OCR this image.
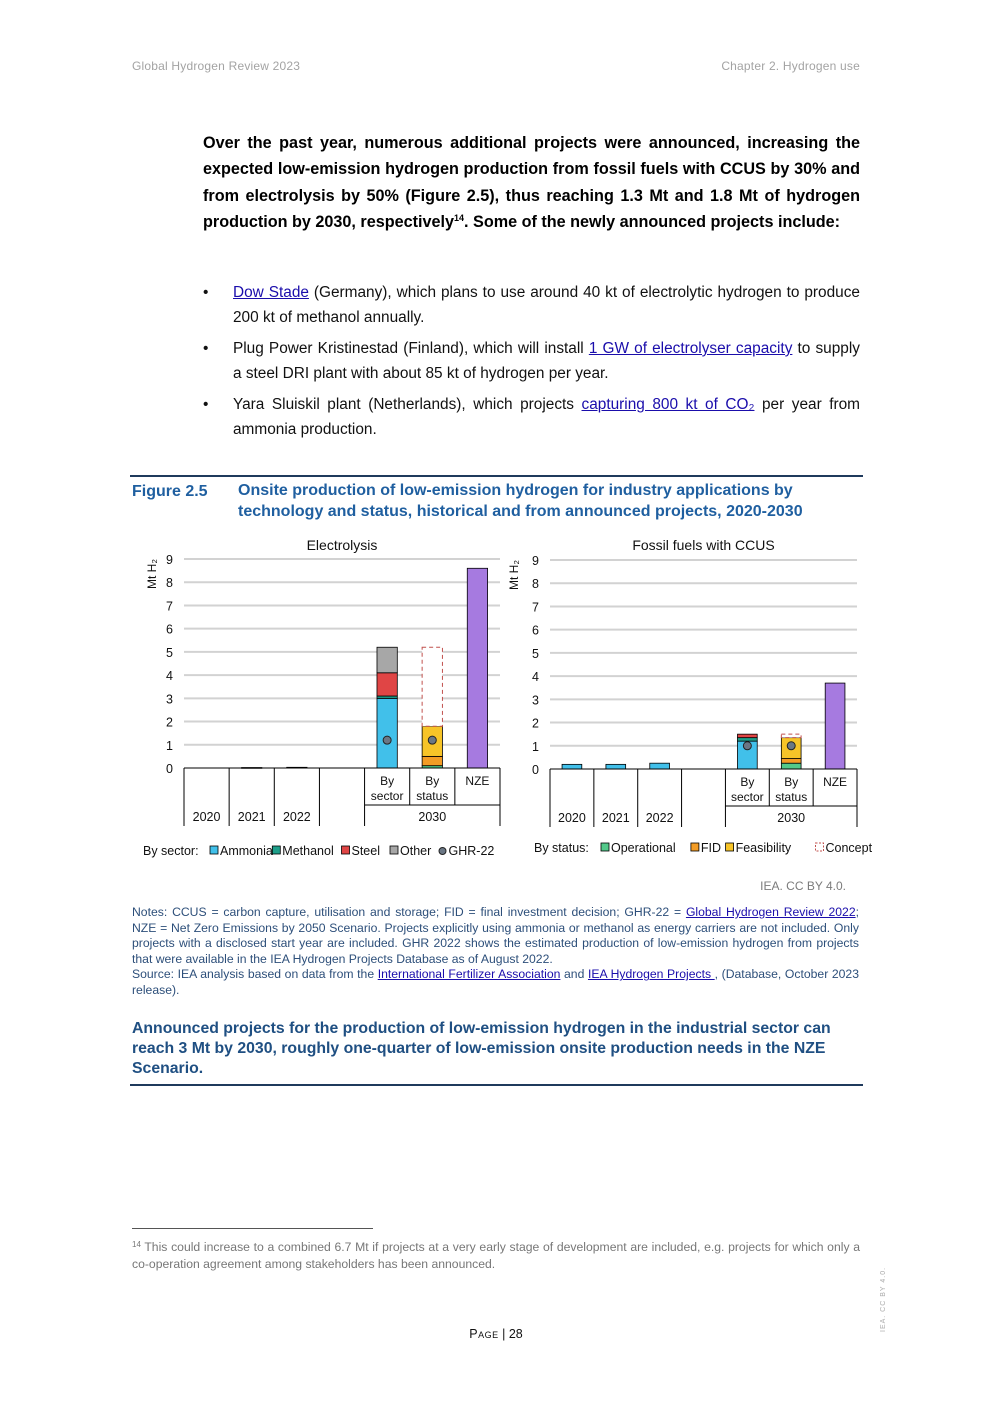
Global Hydrogen Review 2023	Chapter 2. Hydrogen use
Over the past year, numerous additional projects were announced, increasing the expected low-emission hydrogen production from fossil fuels with CCUS by 30% and from electrolysis by 50% (Figure 2.5), thus reaching 1.3 Mt and 1.8 Mt of hydrogen production by 2030, respectively$^{14}$. Some of the newly announced projects include:
• Dow Stade (Germany), which plans to use around 40 kt of electrolytic hydrogen to produce 200 kt of methanol annually.
• Plug Power Kristinestad (Finland), which will install 1 GW of electrolyser capacity to supply a steel DRI plant with about 85 kt of hydrogen per year.
• Yara Sluiskil plant (Netherlands), which projects capturing 800 kt of CO₂ per year from ammonia production.
Figure 2.5 Onsite production of low-emission hydrogen for industry applications by technology and status, historical and from announced projects, 2020-2030
Electrolysis
Mt H₂
0
1
2
3
4
5
6
7
8
9
By
sector
By
status
NZE
2020 2021 2022	2030
Fossil fuels with CCUS
Mt H₂
0
1
2
3
4
5
6
7
8
9
By
sector
By
status
NZE
2020 2021 2022	2030
By sector: Ammonia Methanol Steel Other GHR-22	By status: Operational FID Feasibility	Concept
IEA. CC BY 4.0.

Notes: CCUS = carbon capture, utilisation and storage; FID = final investment decision; GHR-22 = Global Hydrogen Review 2022; NZE = Net Zero Emissions by 2050 Scenario. Projects explicitly using ammonia or methanol as energy carriers are not included. Only projects with a disclosed start year are included. GHR 2022 shows the estimated production of low-emission hydrogen from projects that were available in the IEA Hydrogen Projects Database as of August 2022.

Source: IEA analysis based on data from the International Fertilizer Association and IEA Hydrogen Projects , (Database, October 2023 release).

Announced projects for the production of low-emission hydrogen in the industrial sector can reach 3 Mt by 2030, roughly one-quarter of low-emission onsite production needs in the NZE Scenario.
$^{14}$ This could increase to a combined 6.7 Mt if projects at a very early stage of development are included, e.g. projects for which only a co-operation agreement among stakeholders has been announced.
Page | 28
IEA. CC BY 4.0.
